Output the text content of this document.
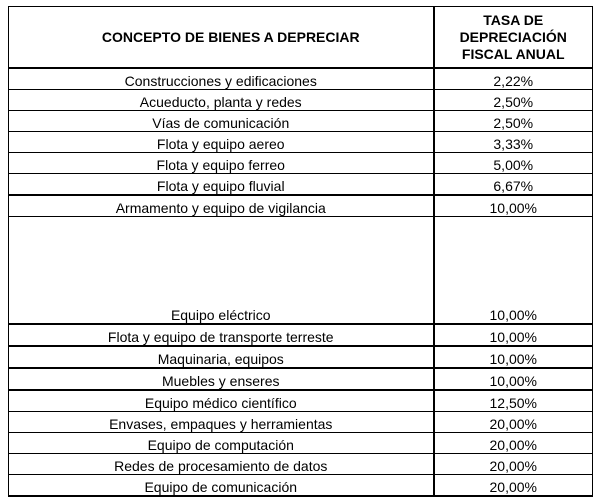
CONCEPTO DE BIENES A DEPRECIAR	TASA DE
DEPRECIACIÓN
FISCAL ANUAL

Construcciones y edificaciones	2,22%
Acueducto, planta y redes	2,50%
Vías de comunicación	2,50%
Flota y equipo aereo	3,33%
Flota y equipo ferreo	5,00%
Flota y equipo fluvial	6,67%
Armamento y equipo de vigilancia	10,00%
Equipo eléctrico	10,00%
Flota y equipo de transporte terreste	10,00%
Maquinaria, equipos	10,00%
Muebles y enseres	10,00%
Equipo médico científico	12,50%
Envases, empaques y herramientas	20,00%
Equipo de computación	20,00%
Redes de procesamiento de datos	20,00%
Equipo de comunicación	20,00%
